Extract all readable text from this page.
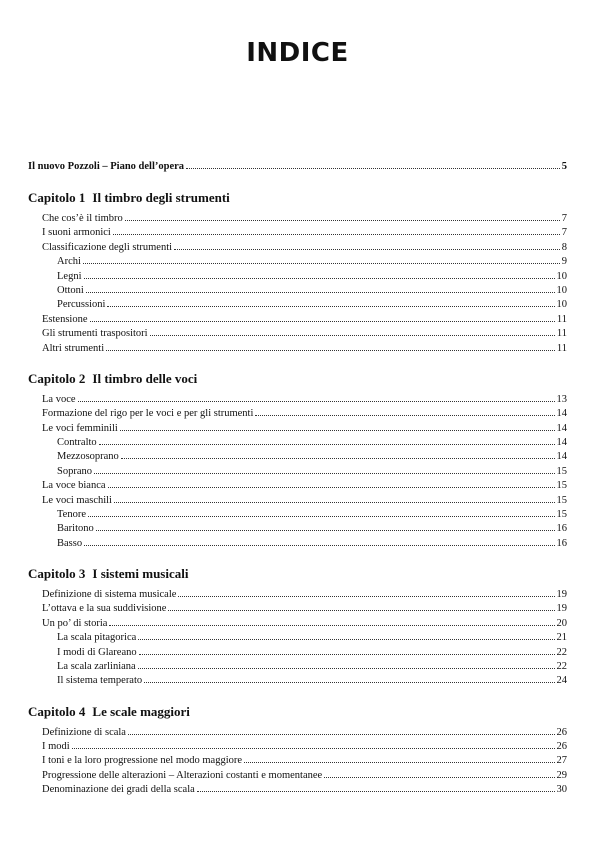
INDICE
Il nuovo Pozzoli – Piano dell’opera	5
Capitolo 1 Il timbro degli strumenti
Che cos’è il timbro	7
I suoni armonici	7
Classificazione degli strumenti	8
Archi	9
Legni	10
Ottoni	10
Percussioni	10
Estensione	11
Gli strumenti traspositori	11
Altri strumenti	11
Capitolo 2 Il timbro delle voci
La voce	13
Formazione del rigo per le voci e per gli strumenti	14
Le voci femminili	14
Contralto	14
Mezzosoprano	14
Soprano	15
La voce bianca	15
Le voci maschili	15
Tenore	15
Baritono	16
Basso	16
Capitolo 3 I sistemi musicali
Definizione di sistema musicale	19
L’ottava e la sua suddivisione	19
Un po’ di storia	20
La scala pitagorica	21
I modi di Glareano	22
La scala zarliniana	22
Il sistema temperato	24
Capitolo 4 Le scale maggiori
Definizione di scala	26
I modi	26
I toni e la loro progressione nel modo maggiore	27
Progressione delle alterazioni – Alterazioni costanti e momentanee	29
Denominazione dei gradi della scala	30
